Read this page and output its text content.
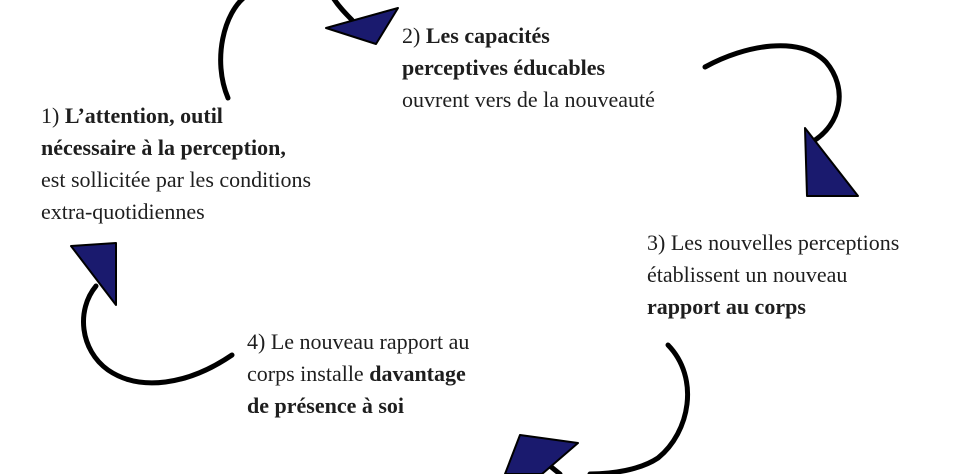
1) L’attention, outil
nécessaire à la perception,
est sollicitée par les conditions
extra-quotidiennes
2) Les capacités
perceptives éducables
ouvrent vers de la nouveauté
3) Les nouvelles perceptions
établissent un nouveau
rapport au corps
4) Le nouveau rapport au
corps installe davantage
de présence à soi
